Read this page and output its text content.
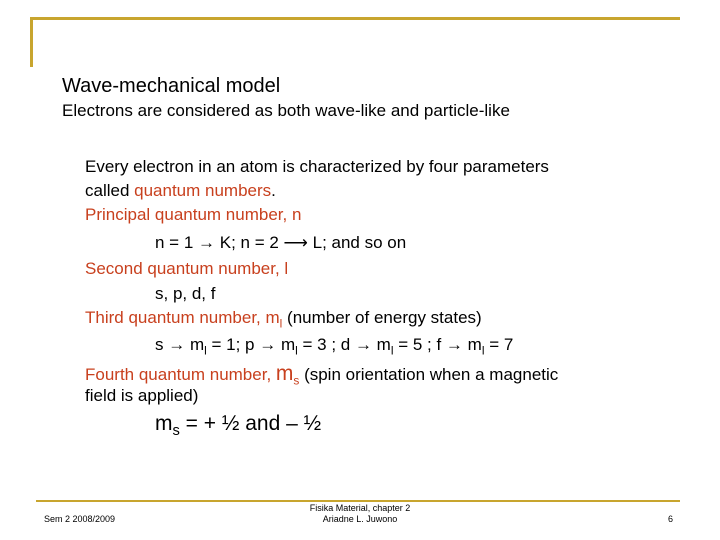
Wave-mechanical model
Electrons are considered as both wave-like and particle-like
Every electron in an atom is characterized by four parameters
called quantum numbers.
Principal quantum number, n
n = 1 → K; n = 2 ⟶ L; and so on
Second quantum number, l
s, p, d, f
Third quantum number, $m_l$ (number of energy states)
$s \to m_l = 1$; $p \to m_l = 3$ ; $d \to m_l = 5$ ; $f \to m_l = 7$
Fourth quantum number, $m_s$ (spin orientation when a magnetic
field is applied)
$m_s$ = + ½ and – ½
Sem 2 2008/2009
Fisika Material, chapter 2
Ariadne L. Juwono	6
